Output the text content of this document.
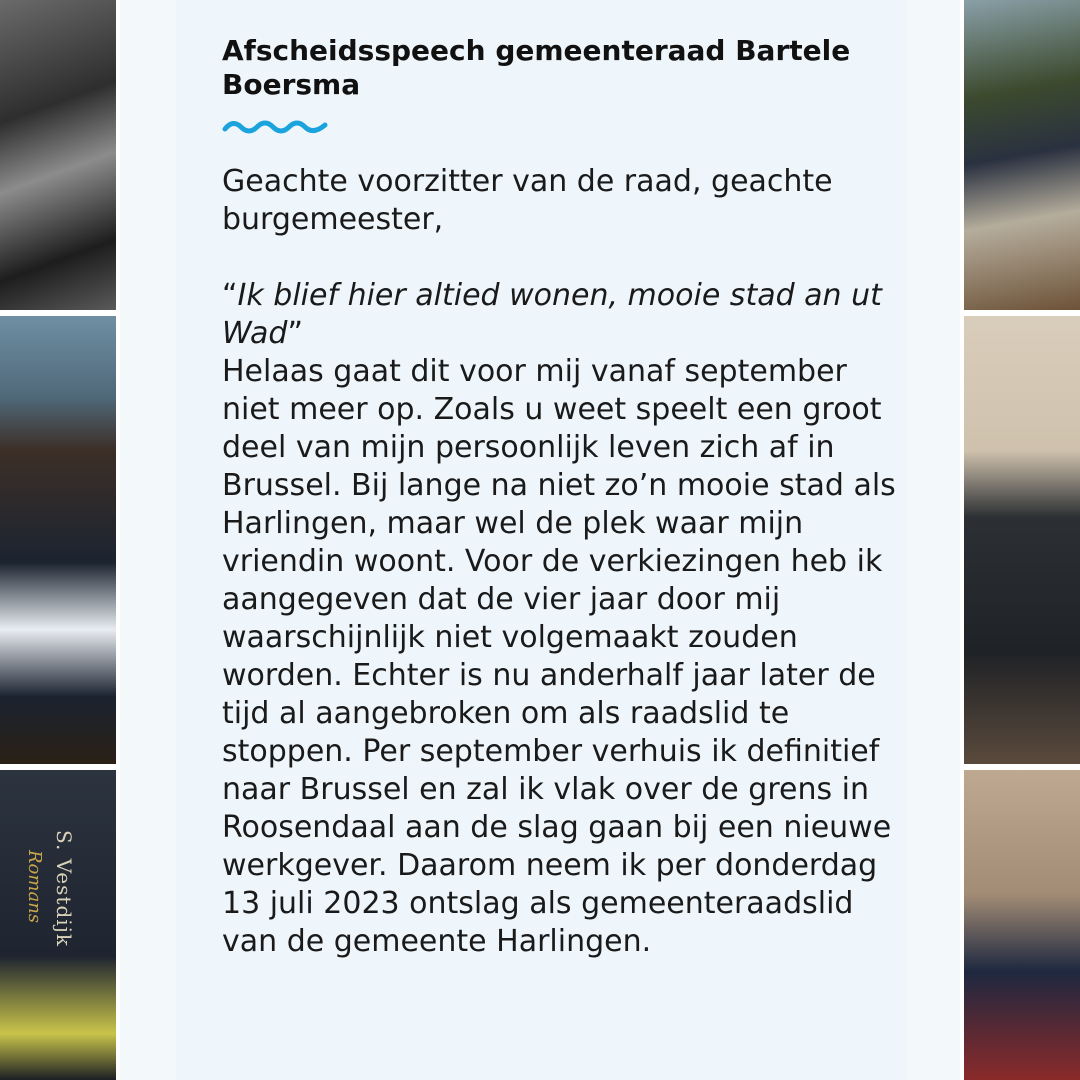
S. Vestdijk
Romans
Afscheidsspeech gemeenteraad Bartele Boersma

Geachte voorzitter van de raad, geachte burgemeester,

“Ik blief hier altied wonen, mooie stad an ut Wad”

Helaas gaat dit voor mij vanaf september niet meer op. Zoals u weet speelt een groot deel van mijn persoonlijk leven zich af in Brussel. Bij lange na niet zo’n mooie stad als Harlingen, maar wel de plek waar mijn vriendin woont. Voor de verkiezingen heb ik aangegeven dat de vier jaar door mij waarschijnlijk niet volgemaakt zouden worden. Echter is nu anderhalf jaar later de tijd al aangebroken om als raadslid te stoppen. Per september verhuis ik definitief naar Brussel en zal ik vlak over de grens in Roosendaal aan de slag gaan bij een nieuwe werkgever. Daarom neem ik per donderdag 13 juli 2023 ontslag als gemeenteraadslid van de gemeente Harlingen.
